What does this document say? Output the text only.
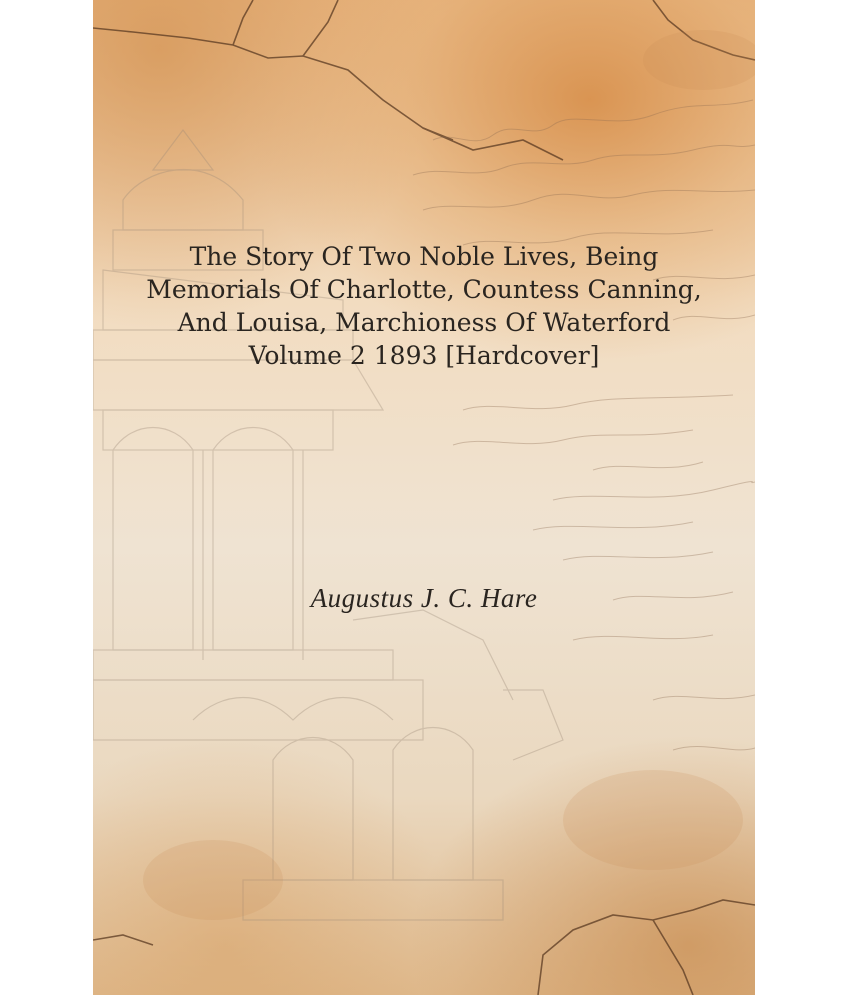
The Story Of Two Noble Lives, Being
Memorials Of Charlotte, Countess Canning,
And Louisa, Marchioness Of Waterford
Volume 2 1893 [Hardcover]
Augustus J. C. Hare
